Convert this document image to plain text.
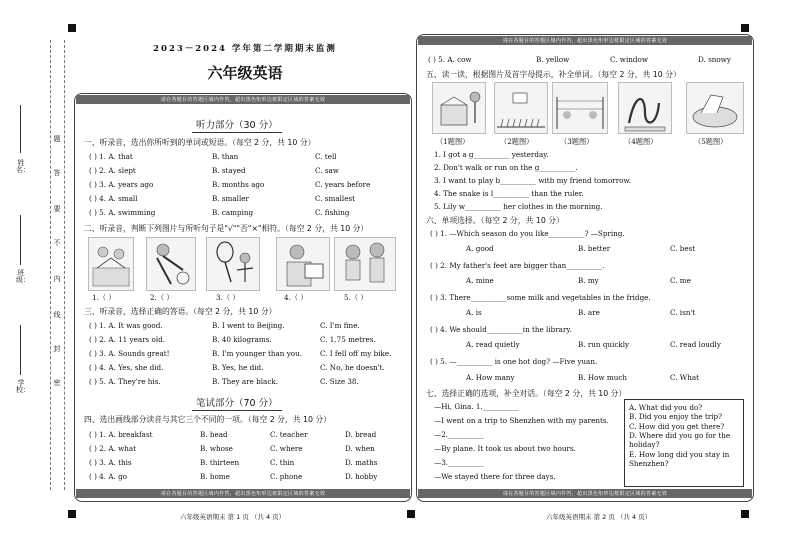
姓名：
班级：
学校：
题
答
要
不
内
线
封
密
2023－2024 学年第二学期期末监测
六年级英语
请在各题目的答题区域内作答，超出黑色矩形边框限定区域的答案无效
请在各题目的答题区域内作答，超出黑色矩形边框限定区域的答案无效
听力部分（30 分）
一、听录音，选出你所听到的单词或短语。（每空 2 分，共 10 分）
( ) 1. A. that	B. than	C. tell
( ) 2. A. slept	B. stayed	C. saw
( ) 3. A. years ago	B. months ago	C. years before
( ) 4. A. small	B. smaller	C. smallest
( ) 5. A. swimming	B. camping	C. fishing
二、听录音，判断下列图片与所听句子是"√""否"×"相符。（每空 2 分，共 10 分）
1.（ ）	2.（ ）	3.（ ）	4.（ ）	5.（ ）
三、听录音，选择正确的答语。（每空 2 分，共 10 分）
( ) 1. A. It was good.	B. I went to Beijing.	C. I'm fine.
( ) 2. A. 11 years old.	B. 40 kilograms.	C. 1.75 metres.
( ) 3. A. Sounds great!	B. I'm younger than you. C. I fell off my bike.
( ) 4. A. Yes, she did.	B. Yes, he did.	C. No, he doesn't.
( ) 5. A. They're his.	B. They are black.	C. Size 38.
笔试部分（70 分）
四、选出画线部分读音与其它三个不同的一项。（每空 2 分，共 10 分）
( ) 1. A. breakfast	B. head	C. teacher	D. bread
( ) 2. A. what	B. whose	C. where	D. when
( ) 3. A. this	B. thirteen	C. thin	D. maths
( ) 4. A. go	B. home	C. phone	D. hobby
六年级英语期末 第 1 页 （共 4 页）
请在各题目的答题区域内作答，超出黑色矩形边框限定区域的答案无效
请在各题目的答题区域内作答，超出黑色矩形边框限定区域的答案无效
( ) 5. A. cow	B. yellow	C. window	D. snowy
五、读一读，根据图片及首字母提示，补全单词。（每空 2 分，共 10 分）
（1题图）	（2题图）	（3题图）	（4题图）	（5题图）
1. I got a g__________ yesterday.
2. Don't walk or run on the g__________.
3. I want to play b__________ with my friend tomorrow.
4. The snake is l__________ than the ruler.
5. Lily w__________ her clothes in the morning.
六、单项选择。（每空 2 分，共 10 分）
( ) 1. —Which season do you like__________? —Spring.
A. good	B. better	C. best
( ) 2. My father's feet are bigger than__________.
A. mine	B. my	C. me
( ) 3. There__________some milk and vegetables in the fridge.
A. is	B. are	C. isn't
( ) 4. We should__________in the library.
A. read quietly	B. run quickly	C. read loudly
( ) 5. —__________ is one hot dog? —Five yuan.
A. How many	B. How much	C. What
七、选择正确的选项，补全对话。（每空 2 分，共 10 分）
—Hi, Gina. 1.__________
—I went on a trip to Shenzhen with my parents.
—2.__________
—By plane. It took us about two hours.
—3.__________
—We stayed there for three days.
A. What did you do?
B. Did you enjoy the trip?
C. How did you get there?
D. Where did you go for the holiday?
E. How long did you stay in Shenzhen?
六年级英语期末 第 2 页 （共 4 页）
